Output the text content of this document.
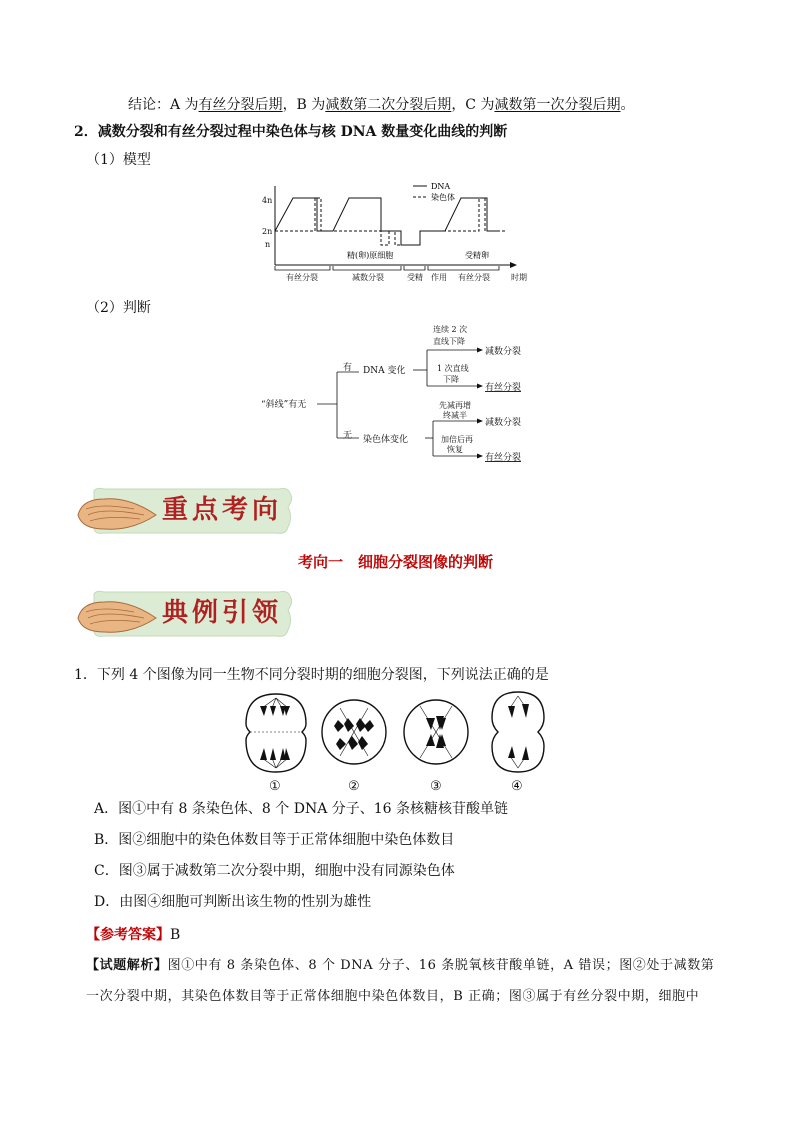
结论：A 为有丝分裂后期，B 为减数第二次分裂后期，C 为减数第一次分裂后期。
2．减数分裂和有丝分裂过程中染色体与核 DNA 数量变化曲线的判断
（1）模型
4n
2n
n
DNA
染色体
精(卵)原细胞	受精卵
有丝分裂	减数分裂	受精 作用 有丝分裂	时期
（2）判断
“斜线”有无
有
无
DNA 变化
染色体变化
连续 2 次
直线下降
1 次直线
下降
先减再增
终减半
加倍后再
恢复
减数分裂
有丝分裂
减数分裂
有丝分裂
重点考向
考向一　细胞分裂图像的判断
典例引领
1．下列 4 个图像为同一生物不同分裂时期的细胞分裂图，下列说法正确的是
①	②	③	④
A．图①中有 8 条染色体、8 个 DNA 分子、16 条核糖核苷酸单链
B．图②细胞中的染色体数目等于正常体细胞中染色体数目
C．图③属于减数第二次分裂中期，细胞中没有同源染色体
D．由图④细胞可判断出该生物的性别为雄性
【参考答案】B
【试题解析】图①中有 8 条染色体、8 个 DNA 分子、16 条脱氧核苷酸单链，A 错误；图②处于减数第
一次分裂中期，其染色体数目等于正常体细胞中染色体数目，B 正确；图③属于有丝分裂中期，细胞中
